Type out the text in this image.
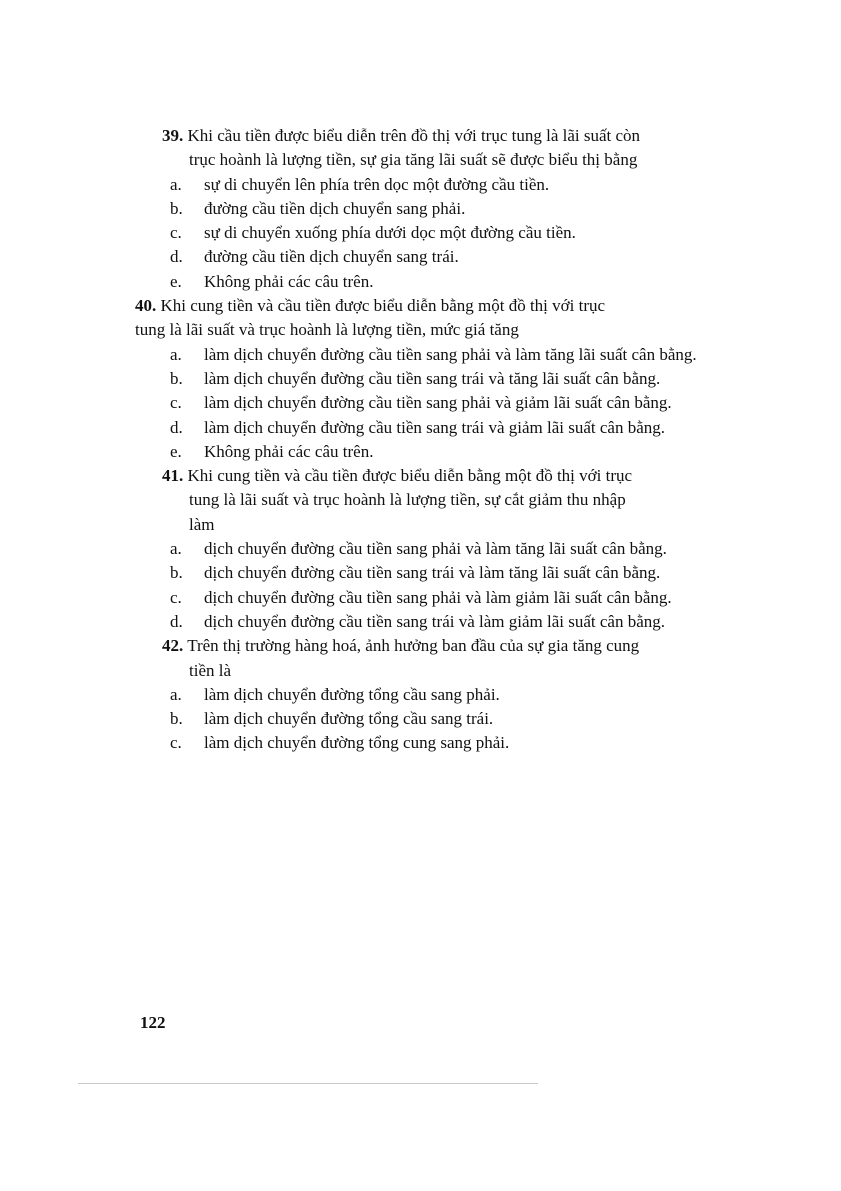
39. Khi cầu tiền được biểu diễn trên đồ thị với trục tung là lãi suất còn
trục hoành là lượng tiền, sự gia tăng lãi suất sẽ được biểu thị bằng
a.	sự di chuyển lên phía trên dọc một đường cầu tiền.
b.	đường cầu tiền dịch chuyển sang phải.
c.	sự di chuyển xuống phía dưới dọc một đường cầu tiền.
d.	đường cầu tiền dịch chuyển sang trái.
e.	Không phải các câu trên.
40. Khi cung tiền và cầu tiền được biểu diễn bằng một đồ thị với trục
tung là lãi suất và trục hoành là lượng tiền, mức giá tăng
a.	làm dịch chuyển đường cầu tiền sang phải và làm tăng lãi suất cân bằng.
b.	làm dịch chuyển đường cầu tiền sang trái và tăng lãi suất cân bằng.
c.	làm dịch chuyển đường cầu tiền sang phải và giảm lãi suất cân bằng.
d.	làm dịch chuyển đường cầu tiền sang trái và giảm lãi suất cân bằng.
e.	Không phải các câu trên.
41. Khi cung tiền và cầu tiền được biểu diễn bằng một đồ thị với trục
tung là lãi suất và trục hoành là lượng tiền, sự cắt giảm thu nhập
làm
a.	dịch chuyển đường cầu tiền sang phải và làm tăng lãi suất cân bằng.
b.	dịch chuyển đường cầu tiền sang trái và làm tăng lãi suất cân bằng.
c.	dịch chuyển đường cầu tiền sang phải và làm giảm lãi suất cân bằng.
d.	dịch chuyển đường cầu tiền sang trái và làm giảm lãi suất cân bằng.
42. Trên thị trường hàng hoá, ảnh hưởng ban đầu của sự gia tăng cung
tiền là
a.	làm dịch chuyển đường tổng cầu sang phải.
b.	làm dịch chuyển đường tổng cầu sang trái.
c.	làm dịch chuyển đường tổng cung sang phải.
122
